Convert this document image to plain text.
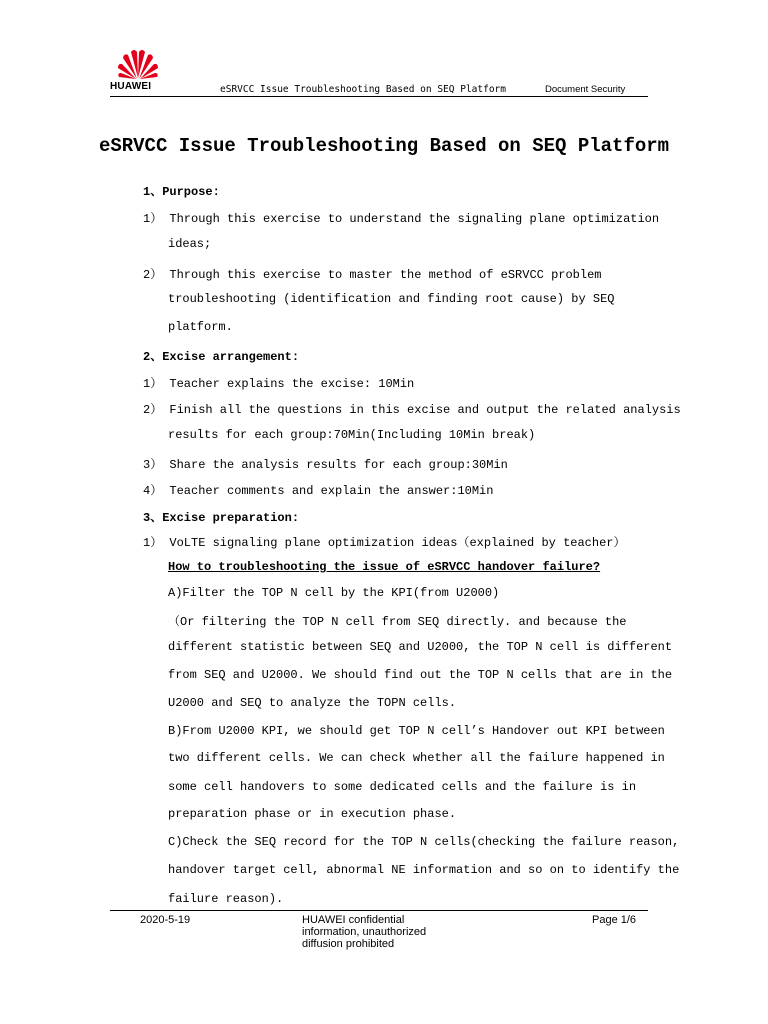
HUAWEI	eSRVCC Issue Troubleshooting Based on SEQ Platform	Document Security
eSRVCC Issue Troubleshooting Based on SEQ Platform
1、Purpose:
1） Through this exercise to understand the signaling plane optimization
ideas;
2） Through this exercise to master the method of eSRVCC problem
troubleshooting (identification and finding root cause) by SEQ
platform.
2、Excise arrangement:
1） Teacher explains the excise: 10Min
2） Finish all the questions in this excise and output the related analysis
results for each group:70Min(Including 10Min break)
3） Share the analysis results for each group:30Min
4） Teacher comments and explain the answer:10Min
3、Excise preparation:
1） VoLTE signaling plane optimization ideas（explained by teacher）
How to troubleshooting the issue of eSRVCC handover failure?
A)Filter the TOP N cell by the KPI(from U2000)
（Or filtering the TOP N cell from SEQ directly. and because the
different statistic between SEQ and U2000, the TOP N cell is different
from SEQ and U2000. We should find out the TOP N cells that are in the
U2000 and SEQ to analyze the TOPN cells.
B)From U2000 KPI, we should get TOP N cell’s Handover out KPI between
two different cells. We can check whether all the failure happened in
some cell handovers to some dedicated cells and the failure is in
preparation phase or in execution phase.
C)Check the SEQ record for the TOP N cells(checking the failure reason,
handover target cell, abnormal NE information and so on to identify the
failure reason).
2020-5-19	HUAWEI confidential
information, unauthorized
diffusion prohibited
Page 1/6
